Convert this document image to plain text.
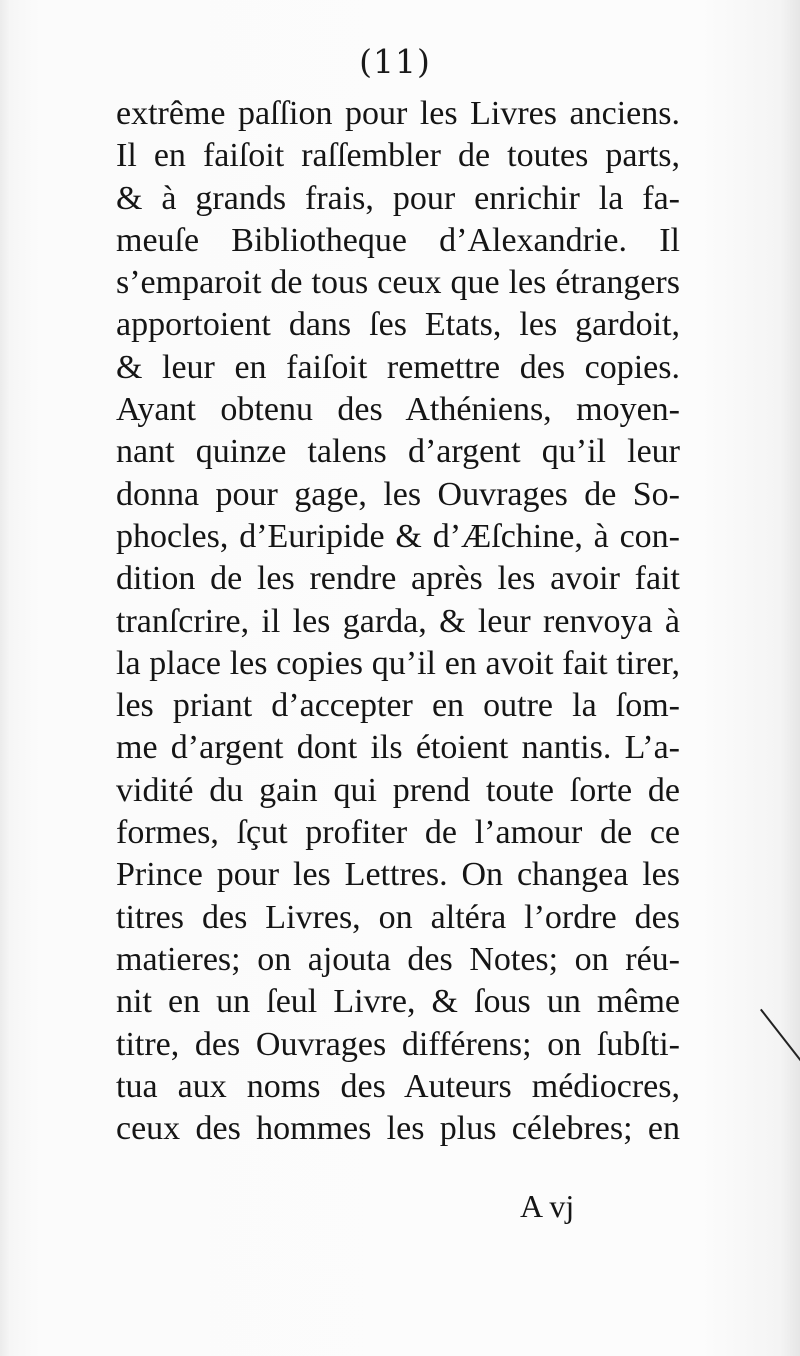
(11)
extrême paſſion pour les Livres anciens.
Il en faiſoit raſſembler de toutes parts,
& à grands frais, pour enrichir la fa-
meuſe Bibliotheque d’Alexandrie. Il
s’emparoit de tous ceux que les étrangers
apportoient dans ſes Etats, les gardoit,
& leur en faiſoit remettre des copies.
Ayant obtenu des Athéniens, moyen-
nant quinze talens d’argent qu’il leur
donna pour gage, les Ouvrages de So-
phocles, d’Euripide & d’Æſchine, à con-
dition de les rendre après les avoir fait
tranſcrire, il les garda, & leur renvoya à
la place les copies qu’il en avoit fait tirer,
les priant d’accepter en outre la ſom-
me d’argent dont ils étoient nantis. L’a-
vidité du gain qui prend toute ſorte de
formes, ſçut profiter de l’amour de ce
Prince pour les Lettres. On changea les
titres des Livres, on altéra l’ordre des
matieres; on ajouta des Notes; on réu-
nit en un ſeul Livre, & ſous un même
titre, des Ouvrages différens; on ſubſti-
tua aux noms des Auteurs médiocres,
ceux des hommes les plus célebres; en
A vj
